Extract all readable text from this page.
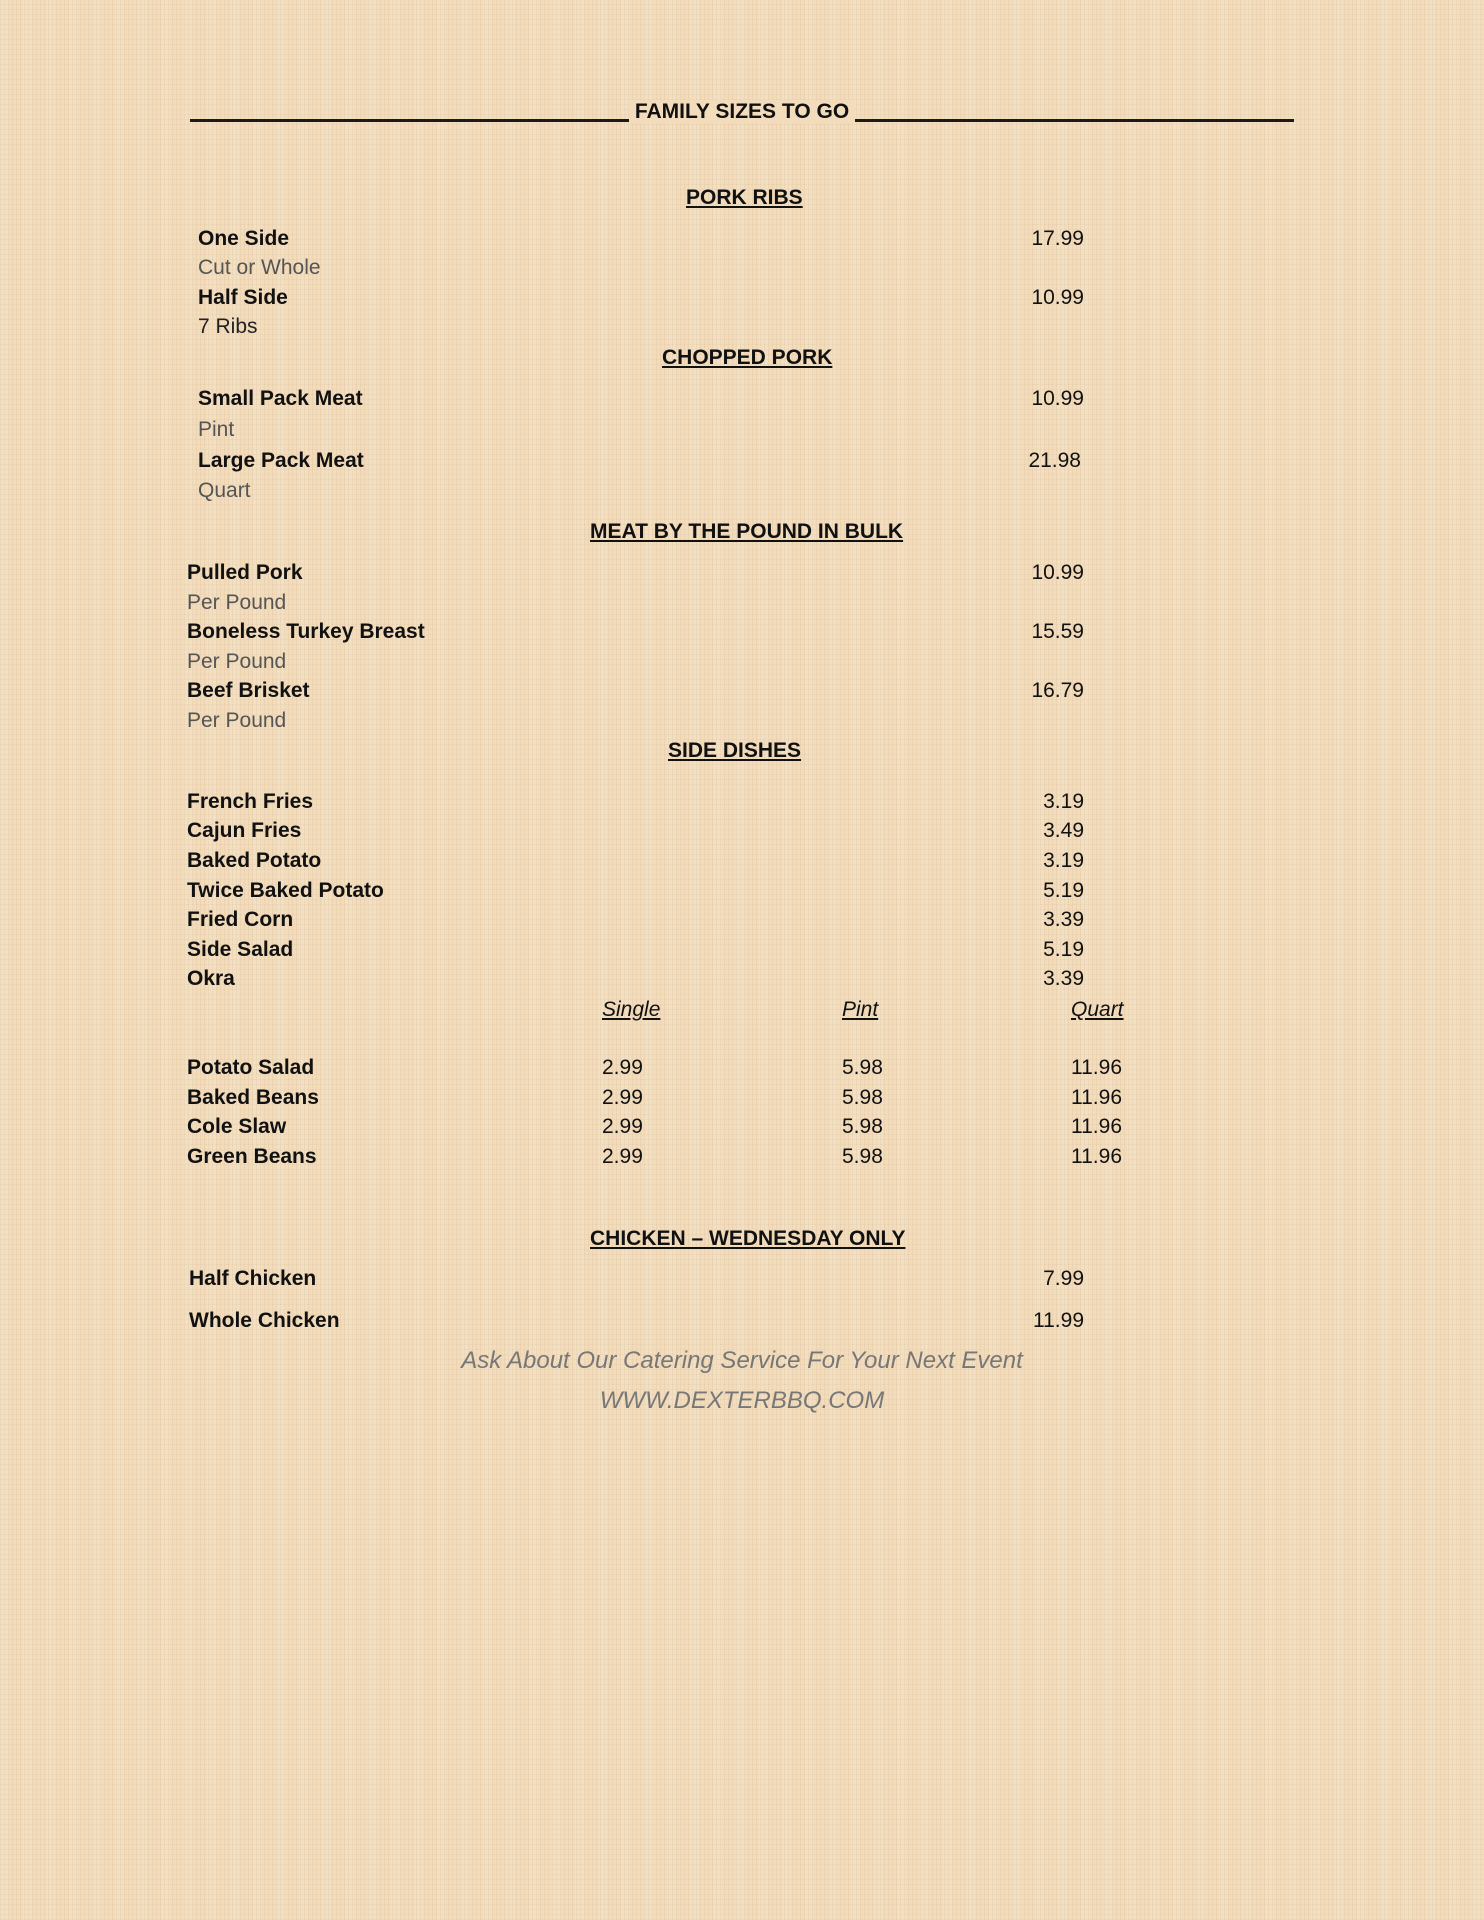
FAMILY SIZES TO GO
PORK RIBS
One Side	17.99
Cut or Whole
Half Side	10.99
7 Ribs
CHOPPED PORK
Small Pack Meat	10.99
Pint
Large Pack Meat	21.98
Quart
MEAT BY THE POUND IN BULK
Pulled Pork	10.99
Per Pound
Boneless Turkey Breast	15.59
Per Pound
Beef Brisket	16.79
Per Pound
SIDE DISHES
French Fries	3.19
Cajun Fries	3.49
Baked Potato	3.19
Twice Baked Potato	5.19
Fried Corn	3.39
Side Salad	5.19
Okra	3.39
Single	Pint	Quart
Potato Salad	2.99	5.98	11.96
Baked Beans	2.99	5.98	11.96
Cole Slaw	2.99	5.98	11.96
Green Beans	2.99	5.98	11.96
CHICKEN – WEDNESDAY ONLY
Half Chicken	7.99
Whole Chicken	11.99
Ask About Our Catering Service For Your Next Event
WWW.DEXTERBBQ.COM
